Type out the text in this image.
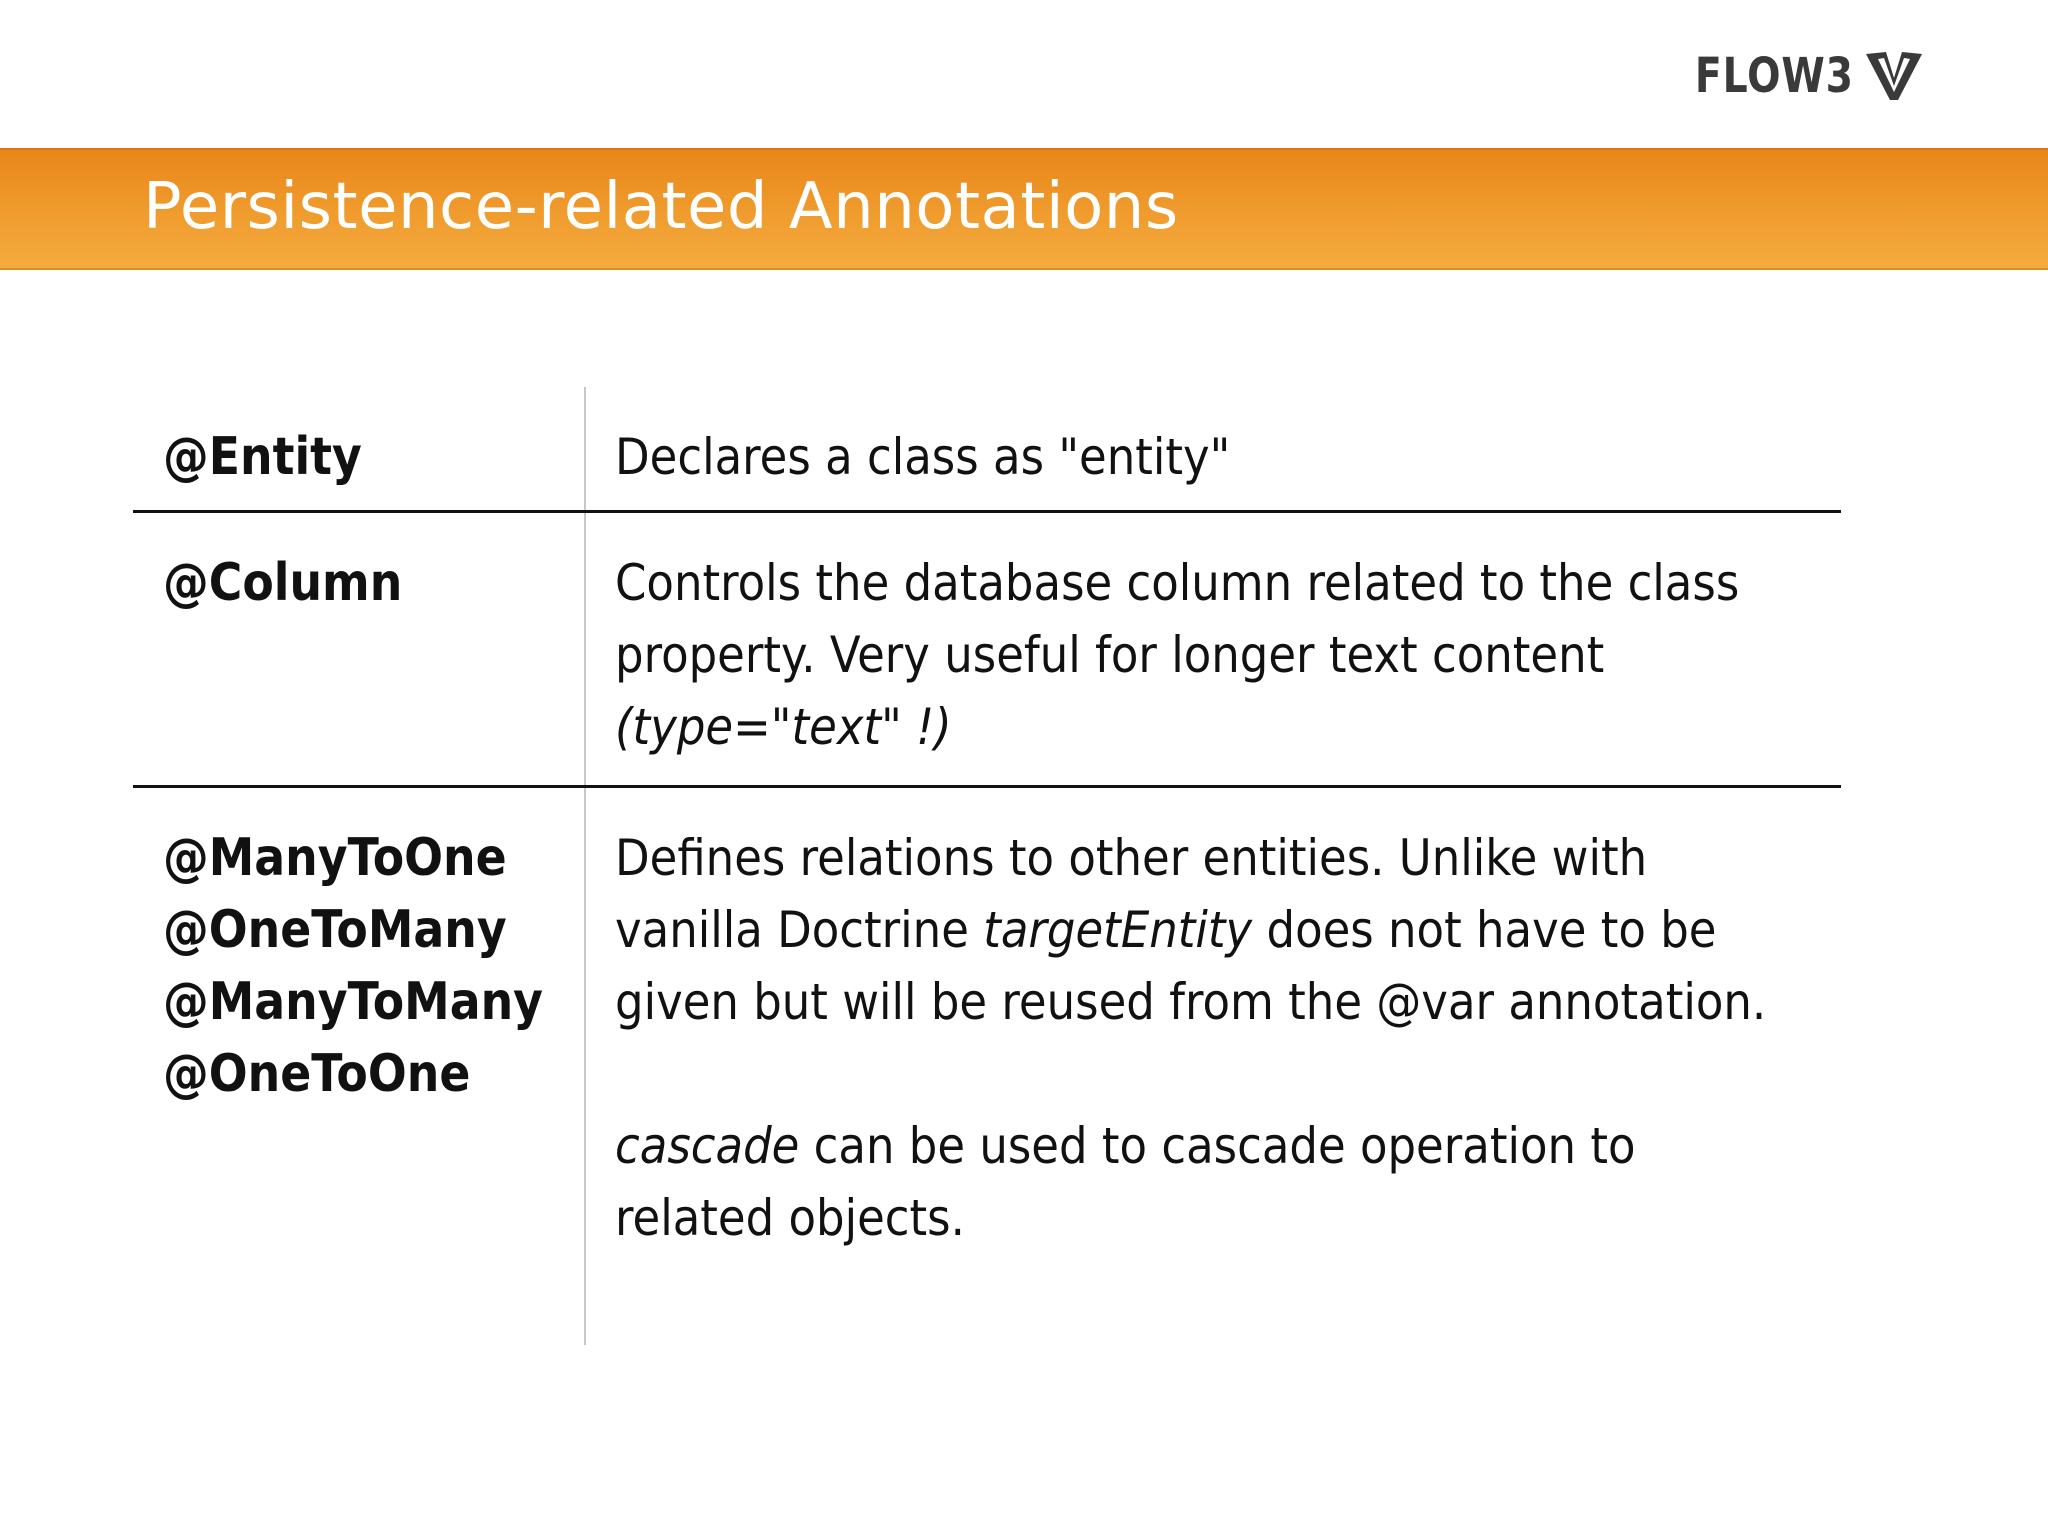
FLOW3
Persistence-related Annotations
@Entity	Declares a class as "entity"

@Column	Controls the database column related to the class property. Very useful for longer text content (type="text" !)

@ManyToOne
@OneToMany
@ManyToMany
@OneToOne

Defines relations to other entities. Unlike with vanilla Doctrine targetEntity does not have to be given but will be reused from the @var annotation.

cascade can be used to cascade operation to related objects.
